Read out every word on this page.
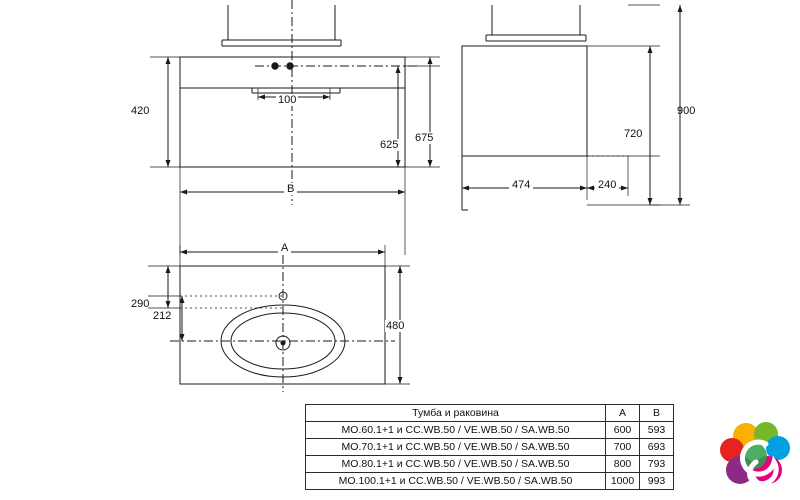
420
100
625
675
B	474	240
720
900
A
290
212
480
Тумба и раковина	A	B
MO.60.1+1 и CC.WB.50 / VE.WB.50 / SA.WB.50	600	593
MO.70.1+1 и CC.WB.50 / VE.WB.50 / SA.WB.50	700	693
MO.80.1+1 и CC.WB.50 / VE.WB.50 / SA.WB.50	800	793
MO.100.1+1 и CC.WB.50 / VE.WB.50 / SA.WB.50	1000	993
